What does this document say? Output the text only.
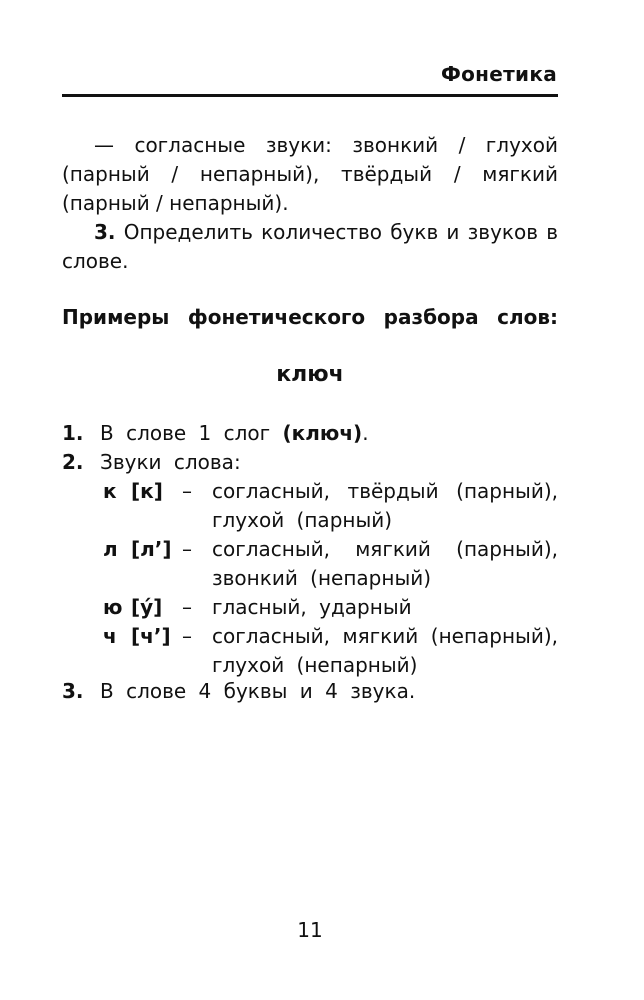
Фонетика
— согласные звуки: звонкий / глухой (парный / непарный), твёрдый / мягкий (парный / непарный).
3. Определить количество букв и звуков в слове.
Примеры фонетического разбора слов:
ключ
1. В слове 1 слог (ключ).
2. Звуки слова:
к [к] – согласный, твёрдый (парный),
глухой (парный)
л [л’] – согласный, мягкий (парный),
звонкий (непарный)
ю [у́] – гласный, ударный
ч [ч’] – согласный, мягкий (непарный),
глухой (непарный)
3. В слове 4 буквы и 4 звука.
11
